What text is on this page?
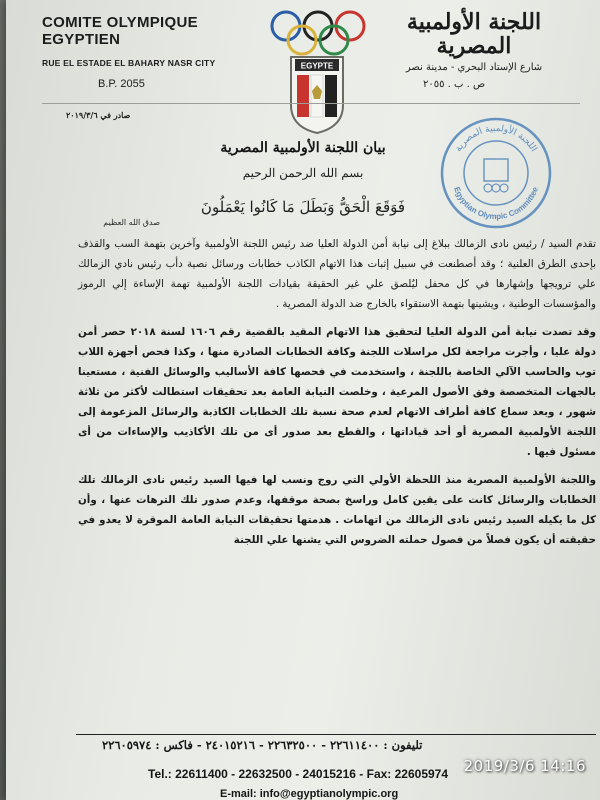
COMITE OLYMPIQUE EGYPTIEN
RUE EL ESTADE EL BAHARY NASR CITY
B.P. 2055
EGYPTE
اللجنة الأولمبية المصرية
شارع الإستاد البحري - مدينة نصر
ص . ب . ٢٠٥٥
صادر في ٢٠١٩/٣/٦
اللجنة الأولمبية المصرية
Egyptian Olympic Committee
بيان اللجنة الأولمبية المصرية
بسم الله الرحمن الرحيم
فَوَقَعَ الْحَقُّ وَبَطَلَ مَا كَانُوا يَعْمَلُونَ
صدق الله العظيم

تقدم السيد / رئيس نادى الزمالك ببلاغ إلى نيابة أمن الدولة العليا ضد رئيس اللجنة الأولمبية وآخرين بتهمة السب والقذف بإحدى الطرق العلنية ؛ وقد أصطنعت في سبيل إثبات هذا الاتهام الكاذب خطابات ورسائل نصية دأب رئيس نادي الزمالك علي ترويجها وإشهارها في كل محفل ليُلصق علي غير الحقيقة بقيادات اللجنة الأولمبية تهمة الإساءة إلي الرموز والمؤسسات الوطنية ، ويشينها بتهمة الاستقواء بالخارج ضد الدولة المصرية .

وقد تصدت نيابة أمن الدولة العليا لتحقيق هذا الاتهام المقيد بالقضية رقم ١٦٠٦ لسنة ٢٠١٨ حصر أمن دولة عليا ، وأجرت مراجعة لكل مراسلات اللجنة وكافة الخطابات الصادرة منها ، وكذا فحص أجهزة اللاب توب والحاسب الآلي الخاصة باللجنة ، واستخدمت في فحصها كافة الأساليب والوسائل الفنية ، مستعينا بالجهات المتخصصة وفق الأصول المرعية ، وخلصت النيابة العامة بعد تحقيقات استطالت لأكثر من ثلاثة شهور ، وبعد سماع كافة أطراف الاتهام لعدم صحة نسبة تلك الخطابات الكاذبة والرسائل المزعومة إلى اللجنة الأولمبية المصرية أو أحد قياداتها ، والقطع بعد صدور أى من تلك الأكاذيب والإساءات من أى مسئول فيها .

واللجنة الأولمبية المصرية منذ اللحظة الأولي التي روج ونسب لها فيها السيد رئيس نادى الزمالك تلك الخطابات والرسائل كانت على يقين كامل وراسخ بصحة موقفها، وعدم صدور تلك الترهات عنها ، وأن كل ما يكيله السيد رئيس نادى الزمالك من اتهامات . هدمتها تحقيقات النيابة العامة الموقرة لا يعدو في حقيقته أن يكون فصلاً من فصول حملته الضروس التي يشنها علي اللجنة

تليفون : ٢٢٦١١٤٠٠ - ٢٢٦٣٢٥٠٠ - ٢٤٠١٥٢١٦ - فاكس : ٢٢٦٠٥٩٧٤
Tel.: 22611400 - 22632500 - 24015216 - Fax: 22605974
E-mail: info@egyptianolympic.org
2019/3/6 14:16
